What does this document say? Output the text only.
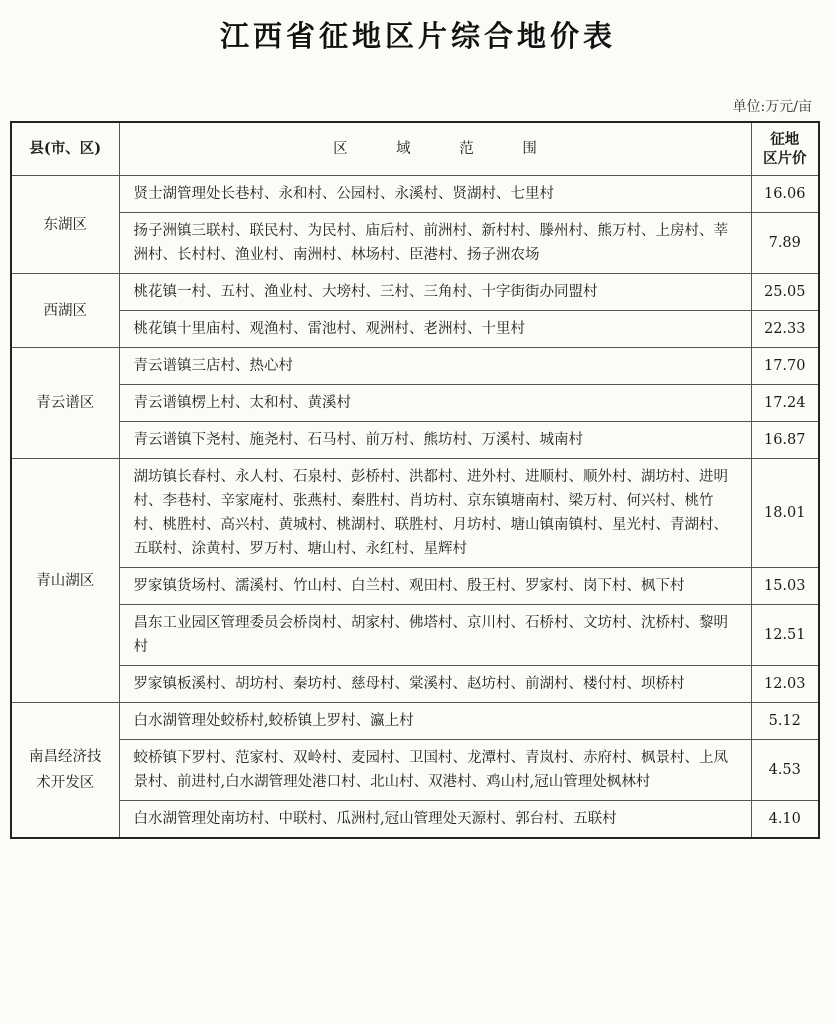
江西省征地区片综合地价表
单位:万元/亩
县(市、区)	区 域 范 围	征地
区片价
东湖区	贤士湖管理处长巷村、永和村、公园村、永溪村、贤湖村、七里村	16.06
	扬子洲镇三联村、联民村、为民村、庙后村、前洲村、新村村、滕州村、熊万村、上房村、莘洲村、长村村、渔业村、南洲村、林场村、臣港村、扬子洲农场	7.89
西湖区	桃花镇一村、五村、渔业村、大塝村、三村、三角村、十字街街办同盟村	25.05
	桃花镇十里庙村、观渔村、雷池村、观洲村、老洲村、十里村	22.33
青云谱区	青云谱镇三店村、热心村	17.70
	青云谱镇楞上村、太和村、黄溪村	17.24
	青云谱镇下尧村、施尧村、石马村、前万村、熊坊村、万溪村、城南村	16.87
青山湖区	湖坊镇长春村、永人村、石泉村、彭桥村、洪都村、进外村、进顺村、顺外村、湖坊村、进明村、李巷村、辛家庵村、张燕村、秦胜村、肖坊村、京东镇塘南村、梁万村、何兴村、桃竹村、桃胜村、高兴村、黄城村、桃湖村、联胜村、月坊村、塘山镇南镇村、星光村、青湖村、五联村、涂黄村、罗万村、塘山村、永红村、星辉村	18.01
	罗家镇货场村、濡溪村、竹山村、白兰村、观田村、殷王村、罗家村、岗下村、枫下村	15.03
	昌东工业园区管理委员会桥岗村、胡家村、佛塔村、京川村、石桥村、文坊村、沈桥村、黎明村	12.51
	罗家镇板溪村、胡坊村、秦坊村、慈母村、棠溪村、赵坊村、前湖村、楼付村、坝桥村	12.03
南昌经济技术开发区	白水湖管理处蛟桥村,蛟桥镇上罗村、瀛上村	5.12
	蛟桥镇下罗村、范家村、双岭村、麦园村、卫国村、龙潭村、青岚村、赤府村、枫景村、上凤景村、前进村,白水湖管理处港口村、北山村、双港村、鸡山村,冠山管理处枫林村	4.53
	白水湖管理处南坊村、中联村、瓜洲村,冠山管理处天源村、郭台村、五联村	4.10
